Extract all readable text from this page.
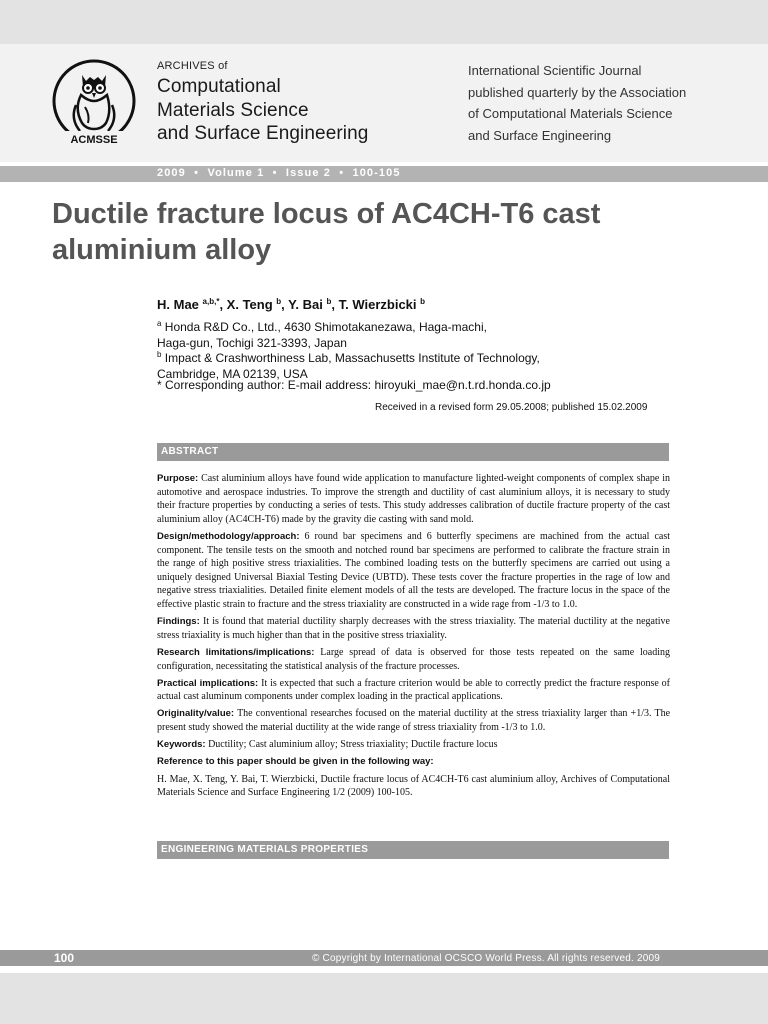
ACMSSE
ARCHIVES of
Computational
Materials Science
and Surface Engineering
International Scientific Journal
published quarterly by the Association
of Computational Materials Science
and Surface Engineering
2009  •  Volume 1  •  Issue 2  •  100-105
Ductile fracture locus of AC4CH-T6 cast
aluminium alloy
H. Mae $^{a,b,*}$, X. Teng $^b$, Y. Bai $^b$, T. Wierzbicki $^b$
$^a$ Honda R&D Co., Ltd., 4630 Shimotakanezawa, Haga-machi,
Haga-gun, Tochigi 321-3393, Japan
$^b$ Impact & Crashworthiness Lab, Massachusetts Institute of Technology,
Cambridge, MA 02139, USA
* Corresponding author: E-mail address: hiroyuki_mae@n.t.rd.honda.co.jp
Received in a revised form 29.05.2008; published 15.02.2009
ABSTRACT

Purpose: Cast aluminium alloys have found wide application to manufacture lighted-weight components of complex shape in automotive and aerospace industries. To improve the strength and ductility of cast aluminium alloys, it is necessary to study their fracture properties by conducting a series of tests. This study addresses calibration of ductile fracture property of the cast aluminium alloy (AC4CH-T6) made by the gravity die casting with sand mold.

Design/methodology/approach: 6 round bar specimens and 6 butterfly specimens are machined from the actual cast component. The tensile tests on the smooth and notched round bar specimens are performed to calibrate the fracture strain in the range of high positive stress triaxialities. The combined loading tests on the butterfly specimens are carried out using a uniquely designed Universal Biaxial Testing Device (UBTD). These tests cover the fracture properties in the rage of low and negative stress triaxialities. Detailed finite element models of all the tests are developed. The fracture locus in the space of the effective plastic strain to fracture and the stress triaxiality are constructed in a wide rage from -1/3 to 1.0.

Findings: It is found that material ductility sharply decreases with the stress triaxiality. The material ductility at the negative stress triaxiality is much higher than that in the positive stress triaxiality.

Research limitations/implications: Large spread of data is observed for those tests repeated on the same loading configuration, necessitating the statistical analysis of the fracture processes.

Practical implications: It is expected that such a fracture criterion would be able to correctly predict the fracture response of actual cast aluminum components under complex loading in the practical applications.

Originality/value: The conventional researches focused on the material ductility at the stress triaxiality larger than +1/3. The present study showed the material ductility at the wide range of stress triaxiality from -1/3 to 1.0.

Keywords: Ductility; Cast aluminium alloy; Stress triaxiality; Ductile fracture locus

Reference to this paper should be given in the following way:

H. Mae, X. Teng, Y. Bai, T. Wierzbicki, Ductile fracture locus of AC4CH-T6 cast aluminium alloy, Archives of Computational Materials Science and Surface Engineering 1/2 (2009) 100-105.

ENGINEERING MATERIALS PROPERTIES
100	© Copyright by International OCSCO World Press. All rights reserved. 2009
